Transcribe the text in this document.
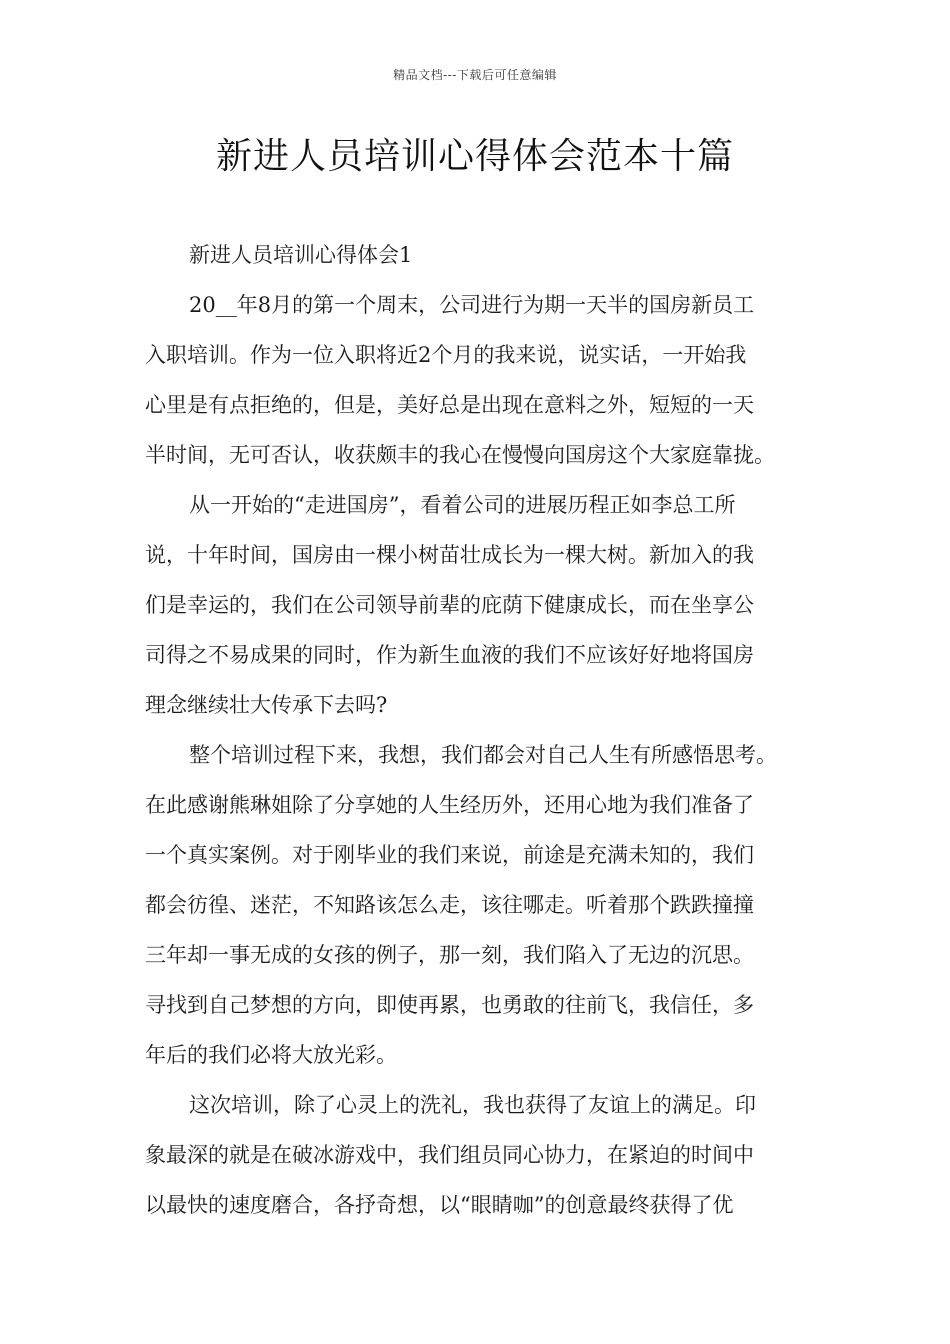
精品文档---下载后可任意编辑
新进人员培训心得体会范本十篇

新进人员培训心得体会1

20__年8月的第一个周末，公司进行为期一天半的国房新员工

入职培训。作为一位入职将近2个月的我来说，说实话，一开始我

心里是有点拒绝的，但是，美好总是出现在意料之外，短短的一天

半时间，无可否认，收获颇丰的我心在慢慢向国房这个大家庭靠拢。

从一开始的“走进国房”，看着公司的进展历程正如李总工所

说，十年时间，国房由一棵小树苗壮成长为一棵大树。新加入的我

们是幸运的，我们在公司领导前辈的庇荫下健康成长，而在坐享公

司得之不易成果的同时，作为新生血液的我们不应该好好地将国房

理念继续壮大传承下去吗?

整个培训过程下来，我想，我们都会对自己人生有所感悟思考。

在此感谢熊琳姐除了分享她的人生经历外，还用心地为我们准备了

一个真实案例。对于刚毕业的我们来说，前途是充满未知的，我们

都会彷徨、迷茫，不知路该怎么走，该往哪走。听着那个跌跌撞撞

三年却一事无成的女孩的例子，那一刻，我们陷入了无边的沉思。

寻找到自己梦想的方向，即使再累，也勇敢的往前飞，我信任，多

年后的我们必将大放光彩。

这次培训，除了心灵上的洗礼，我也获得了友谊上的满足。印

象最深的就是在破冰游戏中，我们组员同心协力，在紧迫的时间中

以最快的速度磨合，各抒奇想，以“眼睛咖”的创意最终获得了优
